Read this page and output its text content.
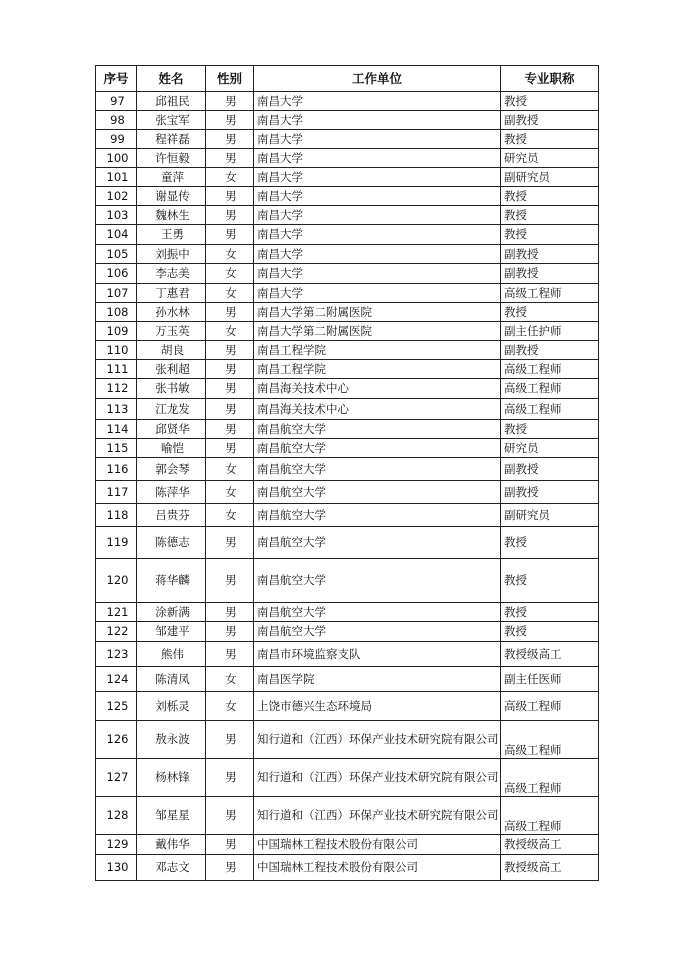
序号	姓名	性别	工作单位	专业职称
97	邱祖民	男	南昌大学	教授
98	张宝军	男	南昌大学	副教授
99	程祥磊	男	南昌大学	教授
100	许恒毅	男	南昌大学	研究员
101	童萍	女	南昌大学	副研究员
102	谢显传	男	南昌大学	教授
103	魏林生	男	南昌大学	教授
104	王勇	男	南昌大学	教授
105	刘振中	女	南昌大学	副教授
106	李志美	女	南昌大学	副教授
107	丁惠君	女	南昌大学	高级工程师
108	孙水林	男	南昌大学第二附属医院	教授
109	万玉英	女	南昌大学第二附属医院	副主任护师
110	胡良	男	南昌工程学院	副教授
111	张利超	男	南昌工程学院	高级工程师
112	张书敏	男	南昌海关技术中心	高级工程师
113	江龙发	男	南昌海关技术中心	高级工程师
114	邱贤华	男	南昌航空大学	教授
115	喻恺	男	南昌航空大学	研究员
116	郭会琴	女	南昌航空大学	副教授
117	陈萍华	女	南昌航空大学	副教授
118	吕贵芬	女	南昌航空大学	副研究员
119	陈德志	男	南昌航空大学	教授
120	蒋华麟	男	南昌航空大学	教授
121	涂新满	男	南昌航空大学	教授
122	邹建平	男	南昌航空大学	教授
123	熊伟	男	南昌市环境监察支队	教授级高工
124	陈清凤	女	南昌医学院	副主任医师
125	刘栎灵	女	上饶市德兴生态环境局	高级工程师
126	敖永波	男	知行道和（江西）环保产业技术研究院有限公司	高级工程师
127	杨林锋	男	知行道和（江西）环保产业技术研究院有限公司	高级工程师
128	邹星星	男	知行道和（江西）环保产业技术研究院有限公司	高级工程师
129	戴伟华	男	中国瑞林工程技术股份有限公司	教授级高工
130	邓志文	男	中国瑞林工程技术股份有限公司	教授级高工
